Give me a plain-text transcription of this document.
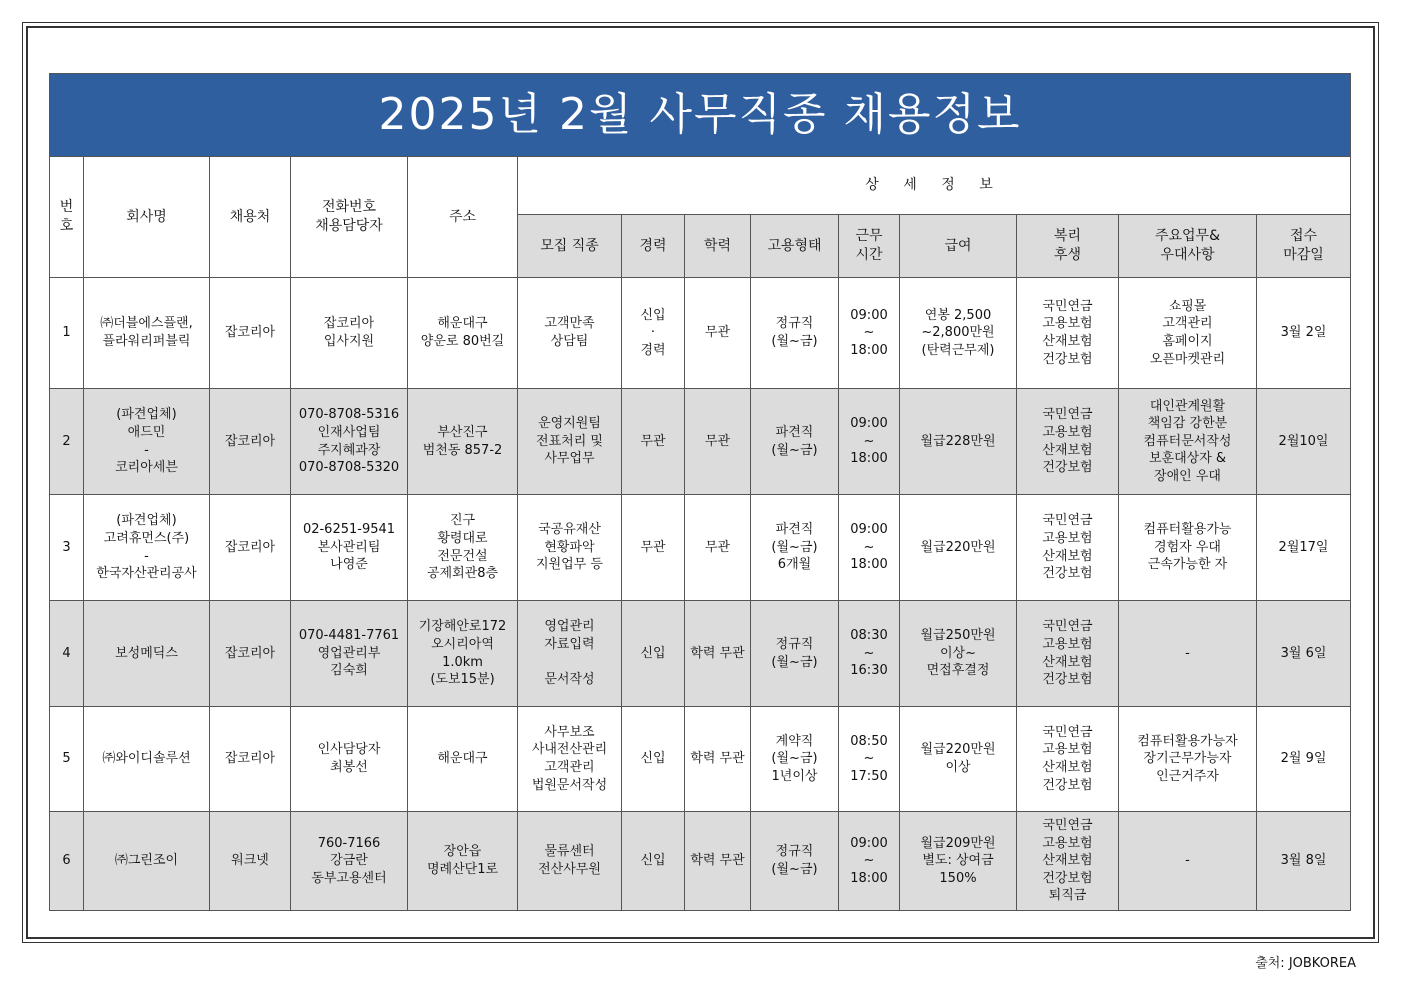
2025년 2월 사무직종 채용정보													

번호	회사명	채용처	전화번호
채용담당자	주소	상 세 정 보								
					모집 직종	경력	학력	고용형태	근무
시간	급여	복리
후생	주요업무&
우대사항	접수
마감일

1	㈜더블에스플랜,
플라워리퍼블릭	잡코리아	잡코리아
입사지원	해운대구
양운로 80번길	고객만족
상담팀	신입
·
경력	무관	정규직
(월~금)	09:00
~
18:00	연봉 2,500
~2,800만원
(탄력근무제)	국민연금
고용보험
산재보험
건강보험	쇼핑몰
고객관리
홈페이지
오픈마켓관리	3월 2일
2	(파견업체)
애드민
-
코리아세븐	잡코리아	070-8708-5316
인재사업팀
주지혜과장
070-8708-5320	부산진구
범천동 857-2	운영지원팀
전표처리 및
사무업무	무관	무관	파견직
(월~금)	09:00
~
18:00	월급228만원	국민연금
고용보험
산재보험
건강보험	대인관계원활
책임감 강한분
컴퓨터문서작성
보훈대상자 &
장애인 우대	2월10일
3	(파견업체)
고려휴먼스(주)
-
한국자산관리공사	잡코리아	02-6251-9541
본사관리팀
나영준	진구
황령대로
전문건설
공제회관8층	국공유재산
현황파악
지원업무 등	무관	무관	파견직
(월~금)
6개월	09:00
~
18:00	월급220만원	국민연금
고용보험
산재보험
건강보험	컴퓨터활용가능
경험자 우대
근속가능한 자	2월17일
4	보성메딕스	잡코리아	070-4481-7761
영업관리부
김숙희	기장해안로172
오시리아역
1.0km
(도보15분)	영업관리
자료입력
문서작성	신입	학력 무관	정규직
(월~금)	08:30
~
16:30	월급250만원
이상~
면접후결정	국민연금
고용보험
산재보험
건강보험	-	3월 6일
5	㈜와이디솔루션	잡코리아	인사담당자
최봉선	해운대구	사무보조
사내전산관리
고객관리
법원문서작성	신입	학력 무관	계약직
(월~금)
1년이상	08:50
~
17:50	월급220만원
이상	국민연금
고용보험
산재보험
건강보험	컴퓨터활용가능자
장기근무가능자
인근거주자	2월 9일
6	㈜그린조이	워크넷	760-7166
강금란
동부고용센터	장안읍
명례산단1로	물류센터
전산사무원	신입	학력 무관	정규직
(월~금)	09:00
~
18:00	월급209만원
별도: 상여금
150%	국민연금
고용보험
산재보험
건강보험
퇴직금	-	3월 8일
출처: JOBKOREA
